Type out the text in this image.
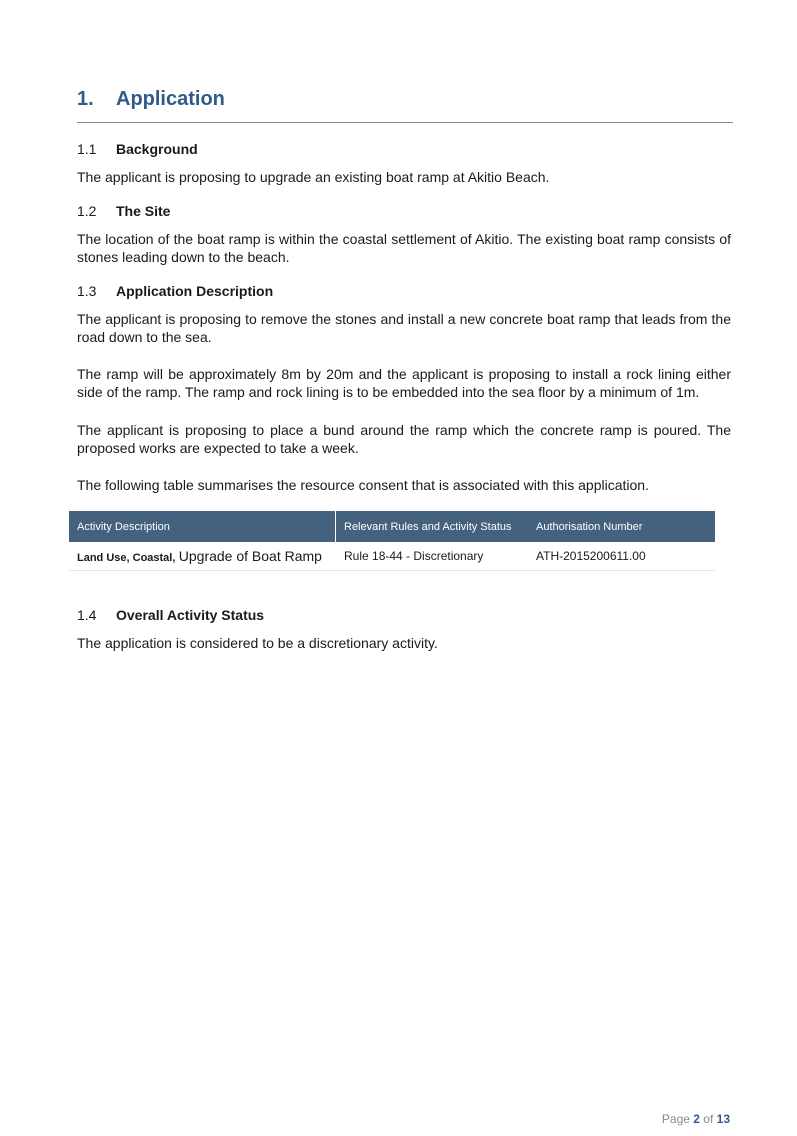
1.	Application
1.1	Background
The applicant is proposing to upgrade an existing boat ramp at Akitio Beach.
1.2	The Site
The location of the boat ramp is within the coastal settlement of Akitio. The existing boat ramp consists of stones leading down to the beach.
1.3	Application Description
The applicant is proposing to remove the stones and install a new concrete boat ramp that leads from the road down to the sea.
The ramp will be approximately 8m by 20m and the applicant is proposing to install a rock lining either side of the ramp. The ramp and rock lining is to be embedded into the sea floor by a minimum of 1m.
The applicant is proposing to place a bund around the ramp which the concrete ramp is poured. The proposed works are expected to take a week.
The following table summarises the resource consent that is associated with this application.
Activity Description	Relevant Rules and Activity Status	Authorisation Number
Land Use, Coastal, Upgrade of Boat Ramp	Rule 18-44 - Discretionary	ATH-2015200611.00
1.4	Overall Activity Status
The application is considered to be a discretionary activity.
Page 2 of 13
